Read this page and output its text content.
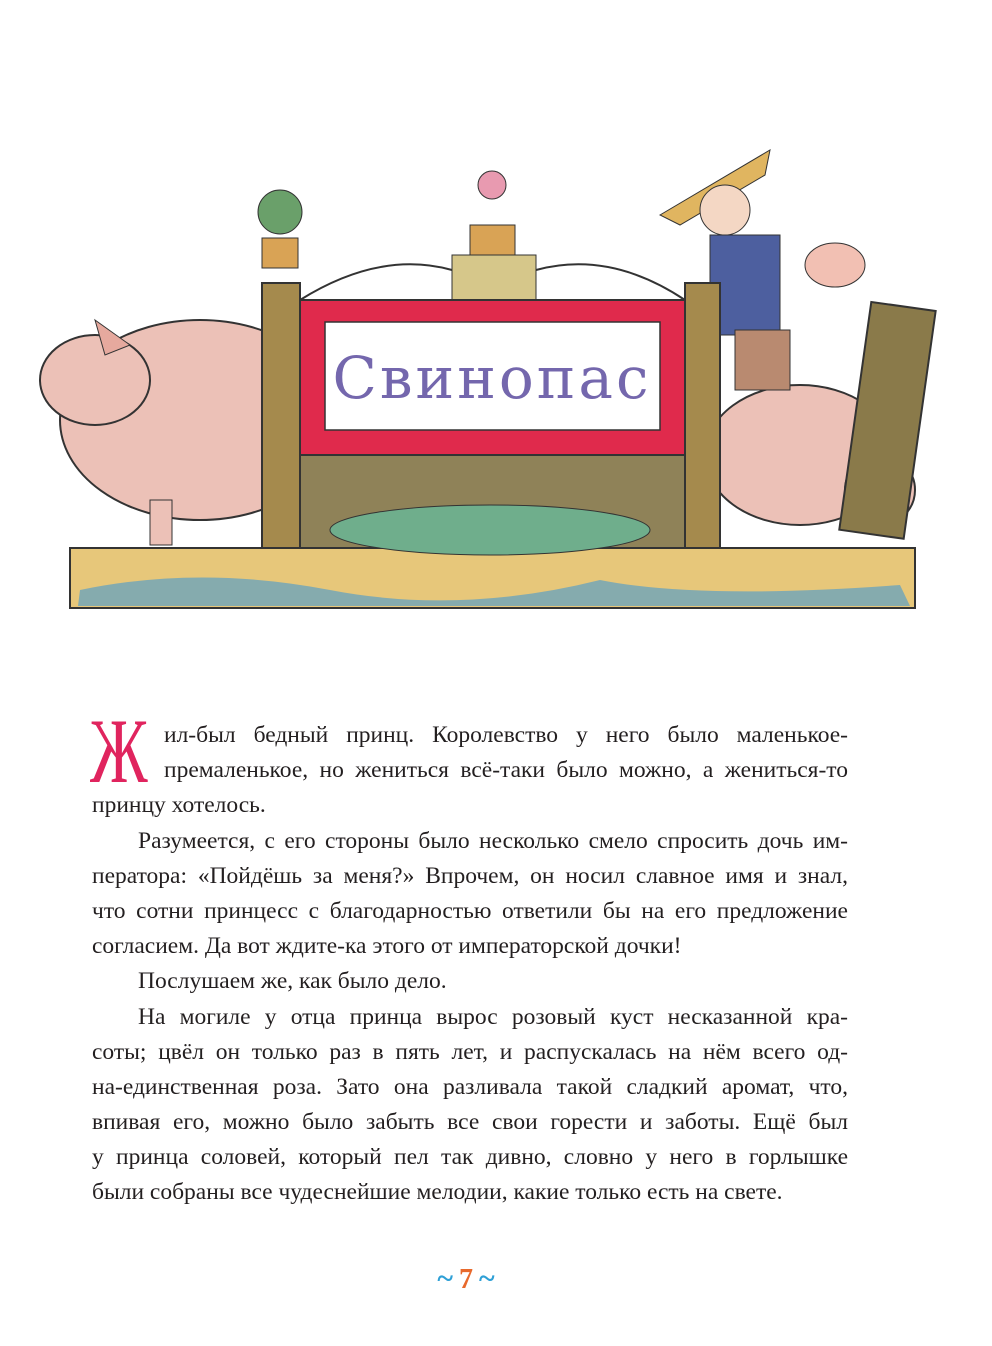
Свинопас
Ж ил-был бедный принц. Королевство у него было маленькое-
премаленькое, но жениться всё-таки было можно, а жениться-то
принцу хотелось.
Разумеется, с его стороны было несколько смело спросить дочь им-
ператора: «Пойдёшь за меня?» Впрочем, он носил славное имя и знал,
что сотни принцесс с благодарностью ответили бы на его предложение
согласием. Да вот ждите-ка этого от императорской дочки!
Послушаем же, как было дело.
На могиле у отца принца вырос розовый куст несказанной кра-
соты; цвёл он только раз в пять лет, и распускалась на нём всего од-
на-единственная роза. Зато она разливала такой сладкий аромат, что,
впивая его, можно было забыть все свои горести и заботы. Ещё был
у принца соловей, который пел так дивно, словно у него в горлышке
были собраны все чудеснейшие мелодии, какие только есть на свете.
~ 7 ~
